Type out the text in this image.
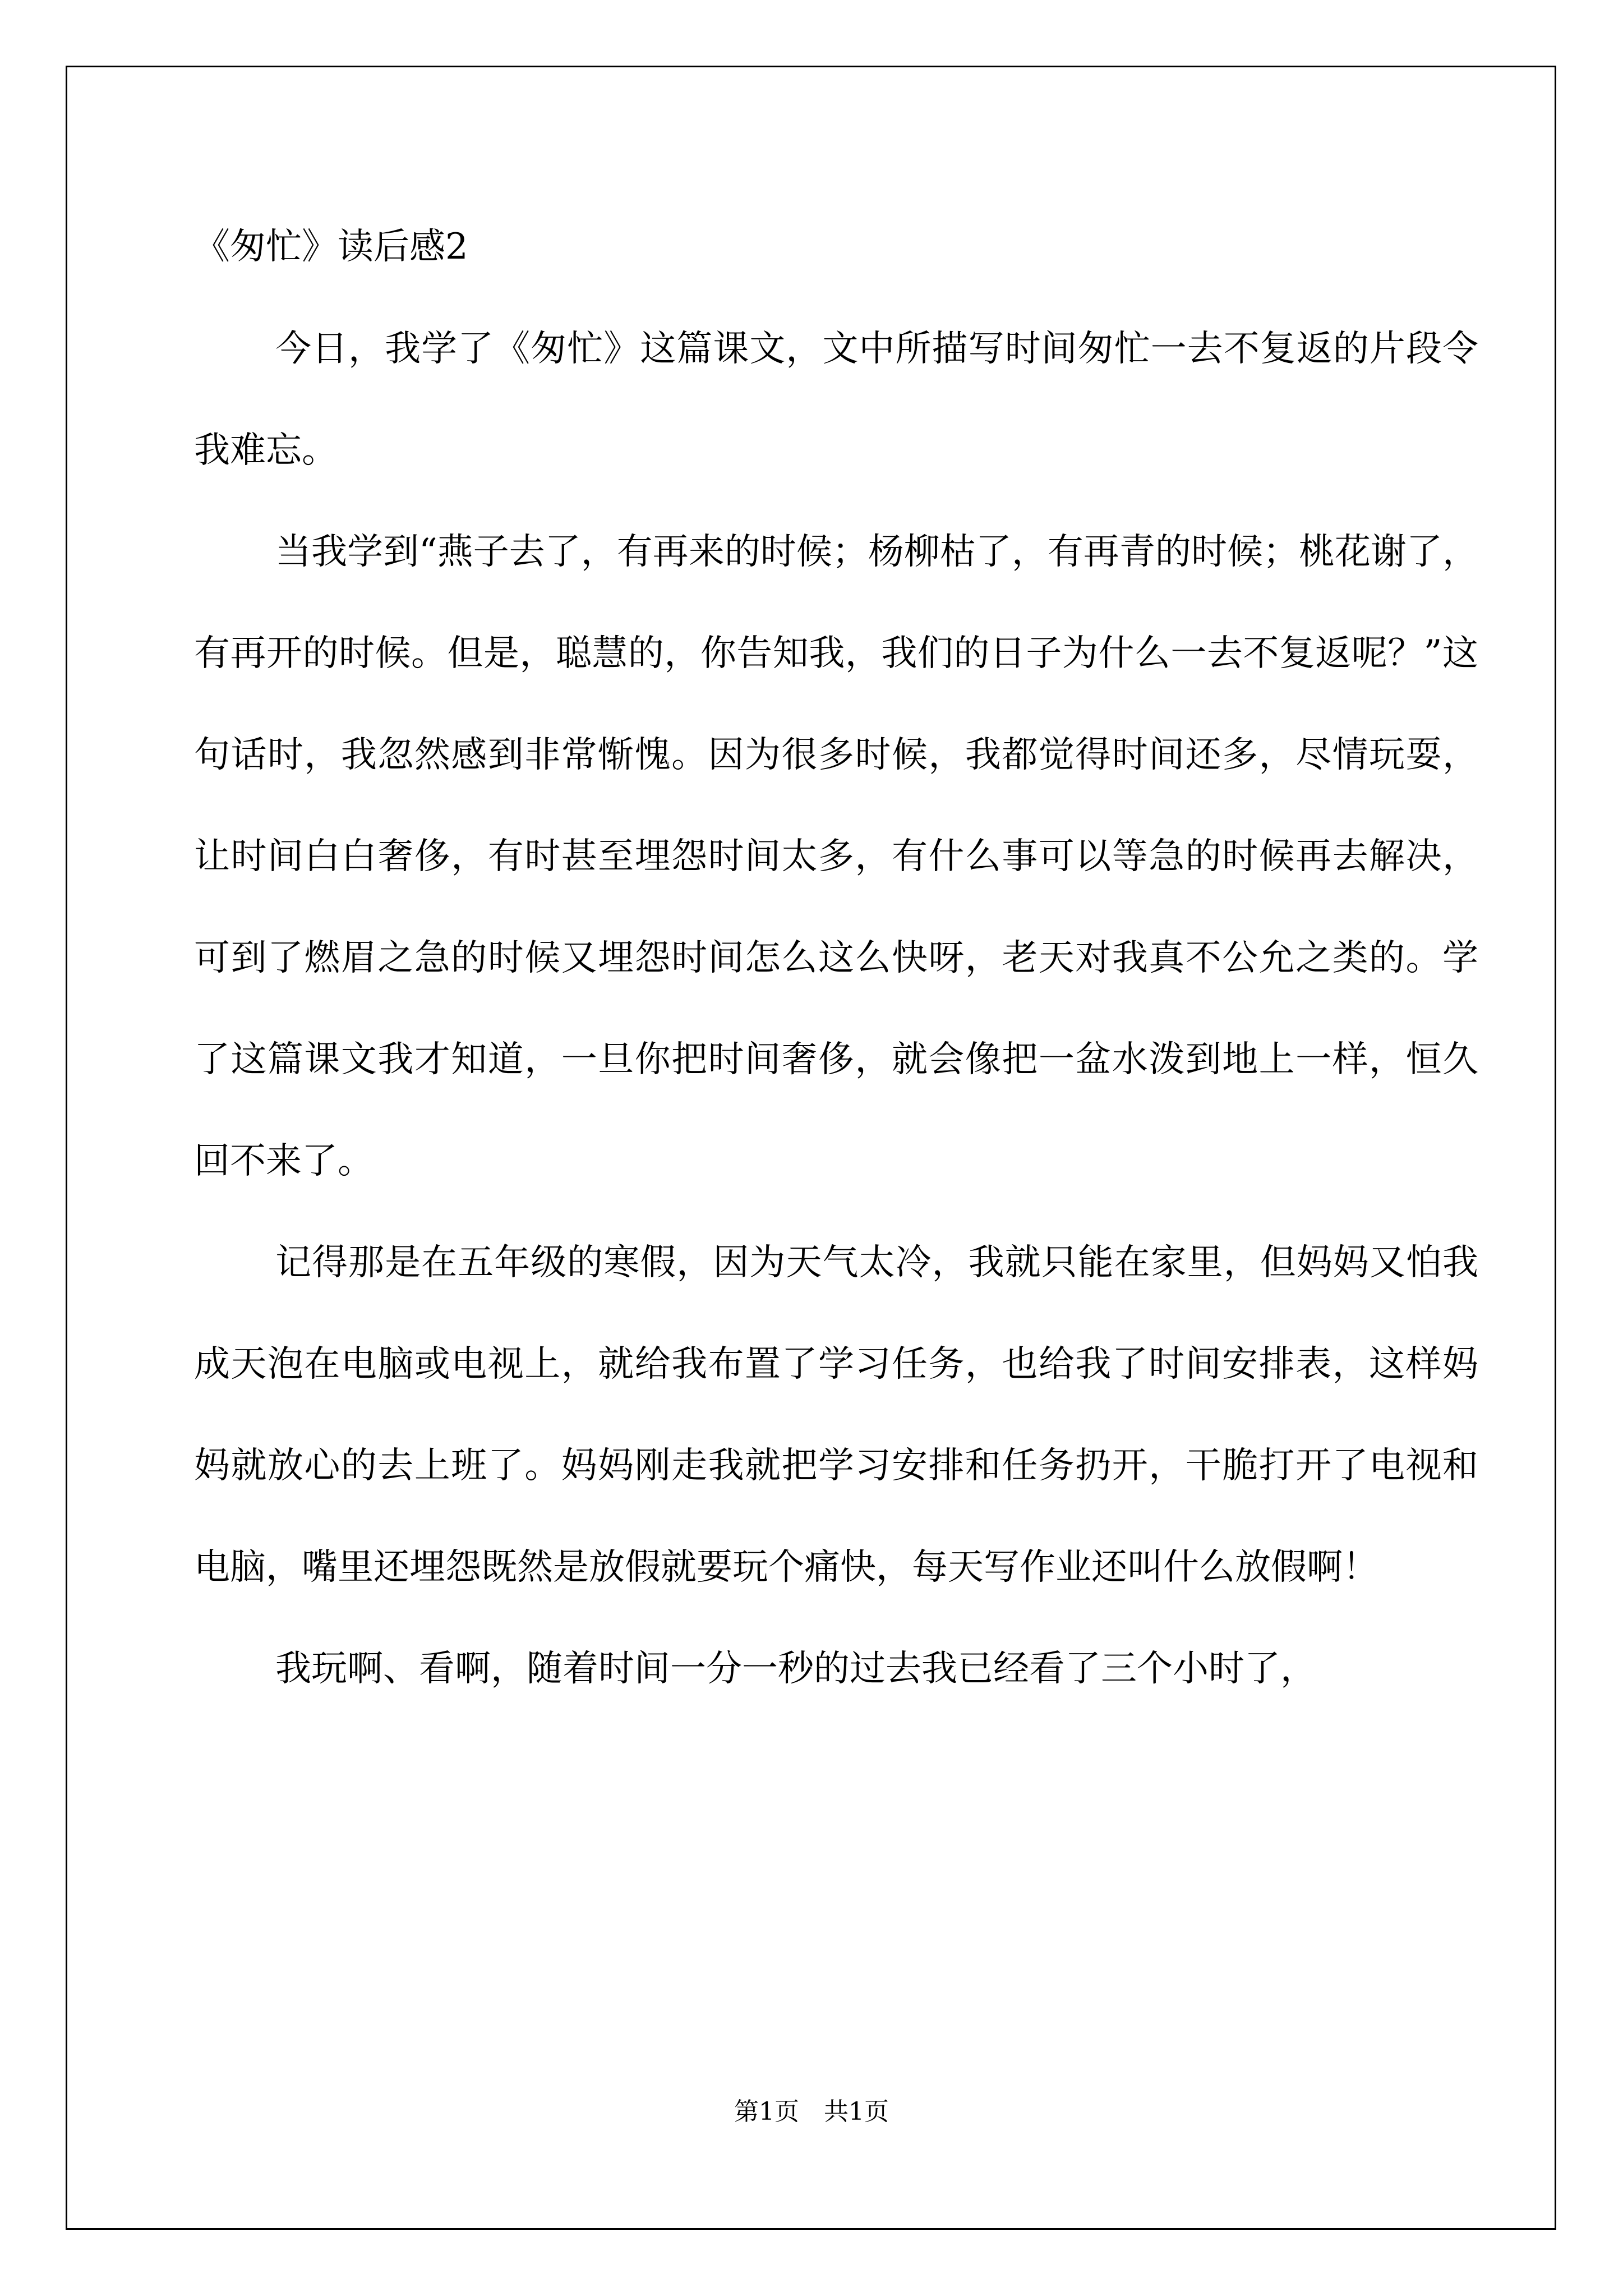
《匆忙》读后感2

今日，我学了《匆忙》这篇课文，文中所描写时间匆忙一去不复返的片段令我难忘。

当我学到“燕子去了，有再来的时候；杨柳枯了，有再青的时候；桃花谢了，有再开的时候。但是，聪慧的，你告知我，我们的日子为什么一去不复返呢？”这句话时，我忽然感到非常惭愧。因为很多时候，我都觉得时间还多，尽情玩耍，让时间白白奢侈，有时甚至埋怨时间太多，有什么事可以等急的时候再去解决，可到了燃眉之急的时候又埋怨时间怎么这么快呀，老天对我真不公允之类的。学了这篇课文我才知道，一旦你把时间奢侈，就会像把一盆水泼到地上一样，恒久回不来了。

记得那是在五年级的寒假，因为天气太冷，我就只能在家里，但妈妈又怕我成天泡在电脑或电视上，就给我布置了学习任务，也给我了时间安排表，这样妈妈就放心的去上班了。妈妈刚走我就把学习安排和任务扔开，干脆打开了电视和电脑，嘴里还埋怨既然是放假就要玩个痛快，每天写作业还叫什么放假啊！

我玩啊、看啊，随着时间一分一秒的过去我已经看了三个小时了，

第1页　共1页
